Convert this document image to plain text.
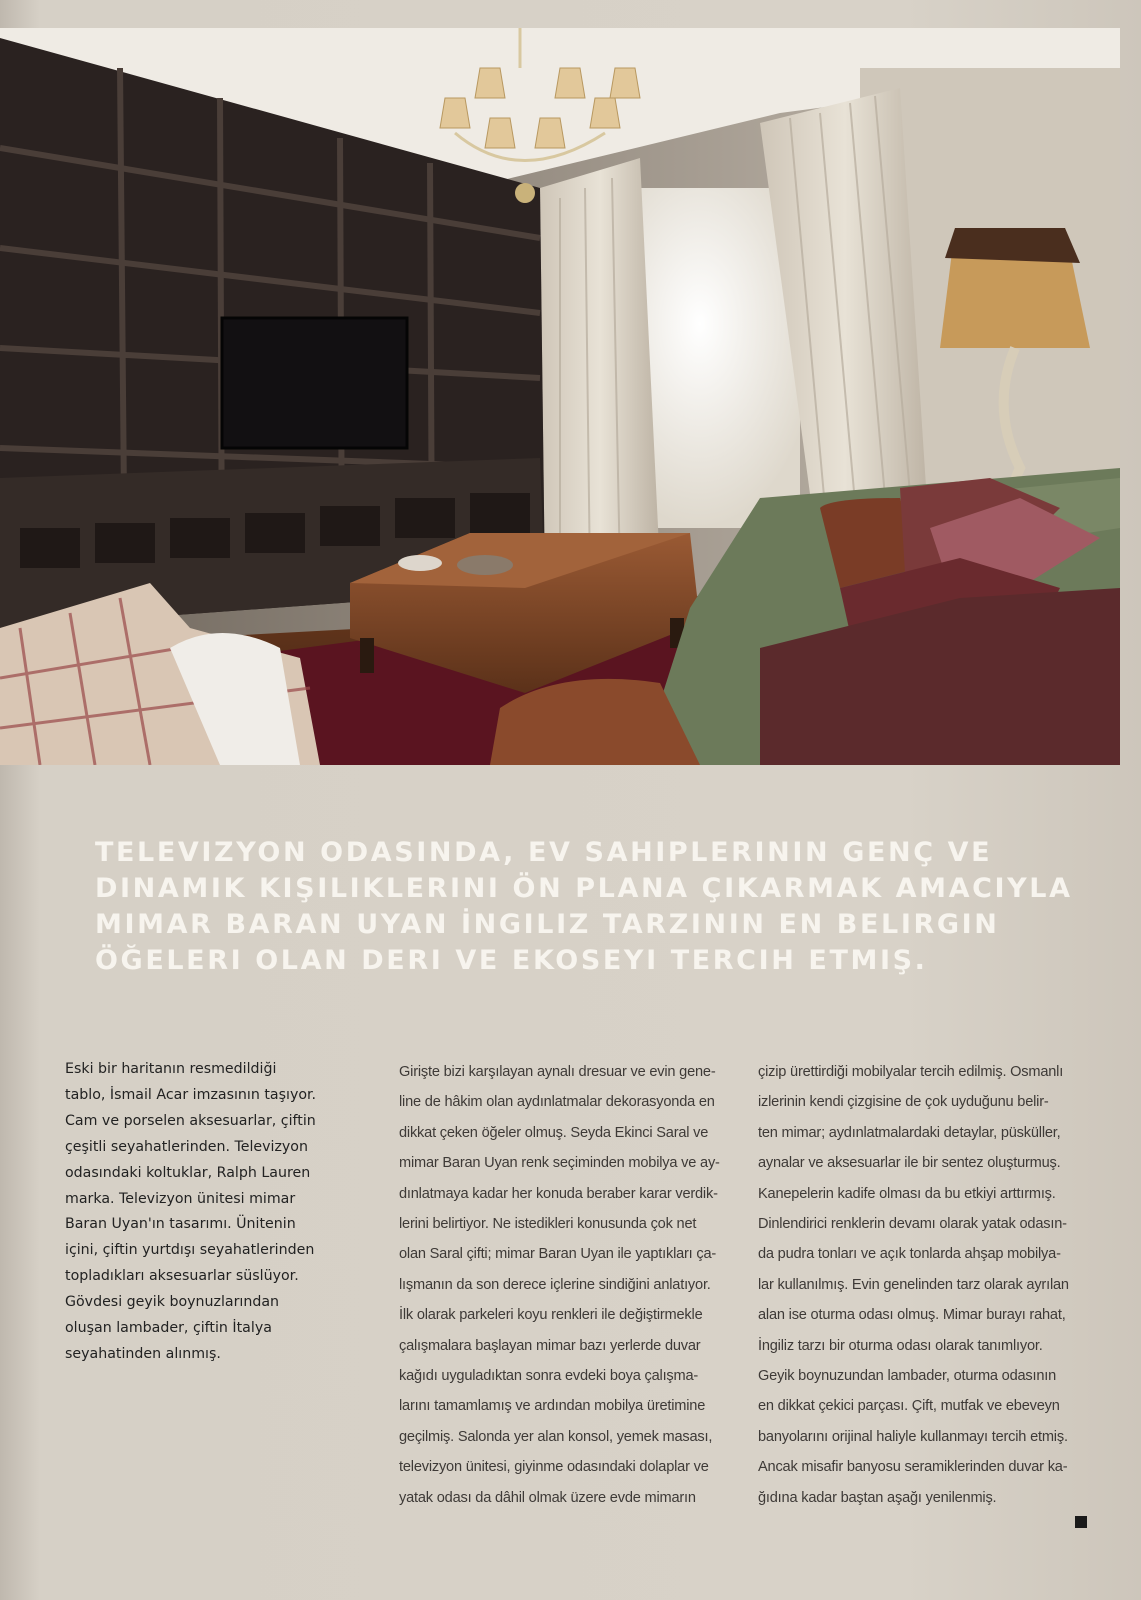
TELEVIZYON ODASINDA, EV SAHIPLERININ GENÇ VE
DINAMIK KIŞILIKLERINI ÖN PLANA ÇIKARMAK AMACIYLA
MIMAR BARAN UYAN İNGILIZ TARZININ EN BELIRGIN
ÖĞELERI OLAN DERI VE EKOSEYI TERCIH ETMIŞ.
Eski bir haritanın resmedildiği
tablo, İsmail Acar imzasının taşıyor.
Cam ve porselen aksesuarlar, çiftin
çeşitli seyahatlerinden. Televizyon
odasındaki koltuklar, Ralph Lauren
marka. Televizyon ünitesi mimar
Baran Uyan'ın tasarımı. Ünitenin
içini, çiftin yurtdışı seyahatlerinden
topladıkları aksesuarlar süslüyor.
Gövdesi geyik boynuzlarından
oluşan lambader, çiftin İtalya
seyahatinden alınmış.
Girişte bizi karşılayan aynalı dresuar ve evin gene-
line de hâkim olan aydınlatmalar dekorasyonda en
dikkat çeken öğeler olmuş. Seyda Ekinci Saral ve
mimar Baran Uyan renk seçiminden mobilya ve ay-
dınlatmaya kadar her konuda beraber karar verdik-
lerini belirtiyor. Ne istedikleri konusunda çok net
olan Saral çifti; mimar Baran Uyan ile yaptıkları ça-
lışmanın da son derece içlerine sindiğini anlatıyor.
İlk olarak parkeleri koyu renkleri ile değiştirmekle
çalışmalara başlayan mimar bazı yerlerde duvar
kağıdı uyguladıktan sonra evdeki boya çalışma-
larını tamamlamış ve ardından mobilya üretimine
geçilmiş. Salonda yer alan konsol, yemek masası,
televizyon ünitesi, giyinme odasındaki dolaplar ve
yatak odası da dâhil olmak üzere evde mimarın
çizip ürettirdiği mobilyalar tercih edilmiş. Osmanlı
izlerinin kendi çizgisine de çok uyduğunu belir-
ten mimar; aydınlatmalardaki detaylar, püsküller,
aynalar ve aksesuarlar ile bir sentez oluşturmuş.
Kanepelerin kadife olması da bu etkiyi arttırmış.
Dinlendirici renklerin devamı olarak yatak odasın-
da pudra tonları ve açık tonlarda ahşap mobilya-
lar kullanılmış. Evin genelinden tarz olarak ayrılan
alan ise oturma odası olmuş. Mimar burayı rahat,
İngiliz tarzı bir oturma odası olarak tanımlıyor.
Geyik boynuzundan lambader, oturma odasının
en dikkat çekici parçası. Çift, mutfak ve ebeveyn
banyolarını orijinal haliyle kullanmayı tercih etmiş.
Ancak misafir banyosu seramiklerinden duvar ka-
ğıdına kadar baştan aşağı yenilenmiş.
